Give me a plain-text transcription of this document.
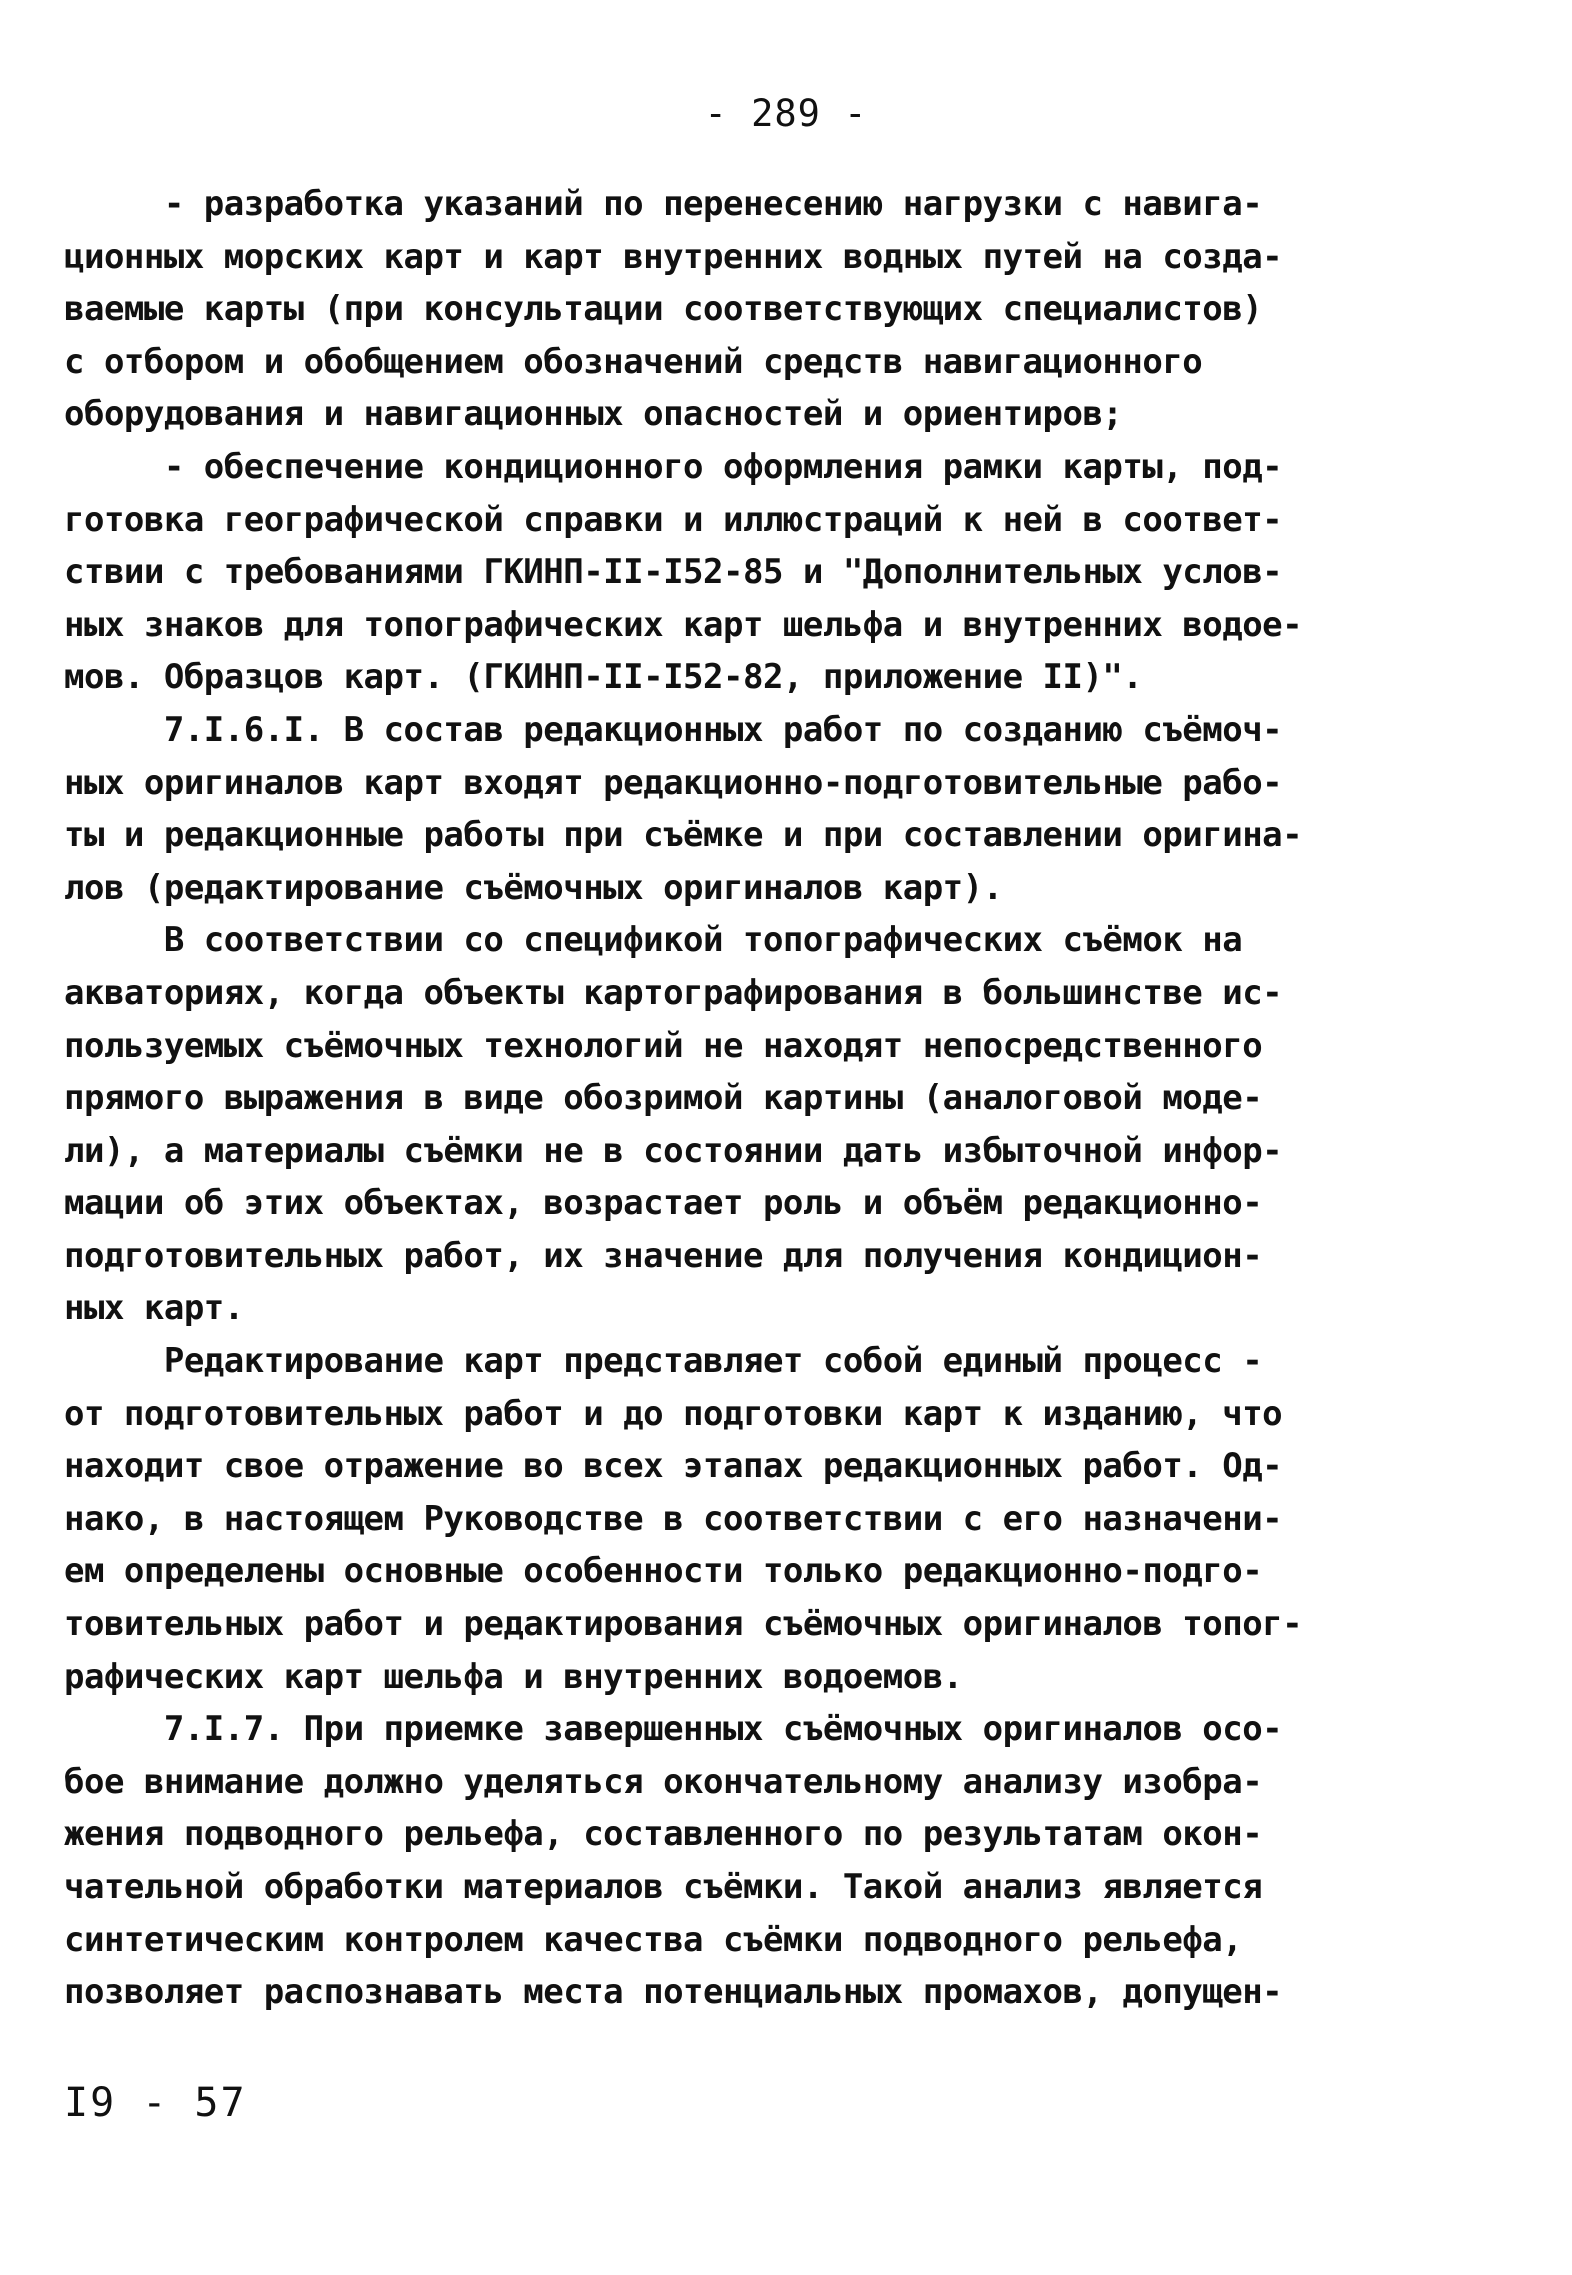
- 289 -
- разработка указаний по перенесению нагрузки с навига-
ционных морских карт и карт внутренних водных путей на созда-
ваемые карты (при консультации соответствующих специалистов)
с отбором и обобщением обозначений средств навигационного
оборудования и навигационных опасностей и ориентиров;
- обеспечение кондиционного оформления рамки карты, под-
готовка географической справки и иллюстраций к ней в соответ-
ствии с требованиями ГКИНП-II-I52-85 и "Дополнительных услов-
ных знаков для топографических карт шельфа и внутренних водое-
мов. Образцов карт. (ГКИНП-II-I52-82, приложение II)".
7.I.6.I. В состав редакционных работ по созданию съёмоч-
ных оригиналов карт входят редакционно-подготовительные рабо-
ты и редакционные работы при съёмке и при составлении оригина-
лов (редактирование съёмочных оригиналов карт).
В соответствии со спецификой топографических съёмок на
акваториях, когда объекты картографирования в большинстве ис-
пользуемых съёмочных технологий не находят непосредственного
прямого выражения в виде обозримой картины (аналоговой моде-
ли), а материалы съёмки не в состоянии дать избыточной инфор-
мации об этих объектах, возрастает роль и объём редакционно-
подготовительных работ, их значение для получения кондицион-
ных карт.
Редактирование карт представляет собой единый процесс -
от подготовительных работ и до подготовки карт к изданию, что
находит свое отражение во всех этапах редакционных работ. Од-
нако, в настоящем Руководстве в соответствии с его назначени-
ем определены основные особенности только редакционно-подго-
товительных работ и редактирования съёмочных оригиналов топог-
рафических карт шельфа и внутренних водоемов.
7.I.7. При приемке завершенных съёмочных оригиналов осо-
бое внимание должно уделяться окончательному анализу изобра-
жения подводного рельефа, составленного по результатам окон-
чательной обработки материалов съёмки. Такой анализ является
синтетическим контролем качества съёмки подводного рельефа,
позволяет распознавать места потенциальных промахов, допущен-
I9 - 57
